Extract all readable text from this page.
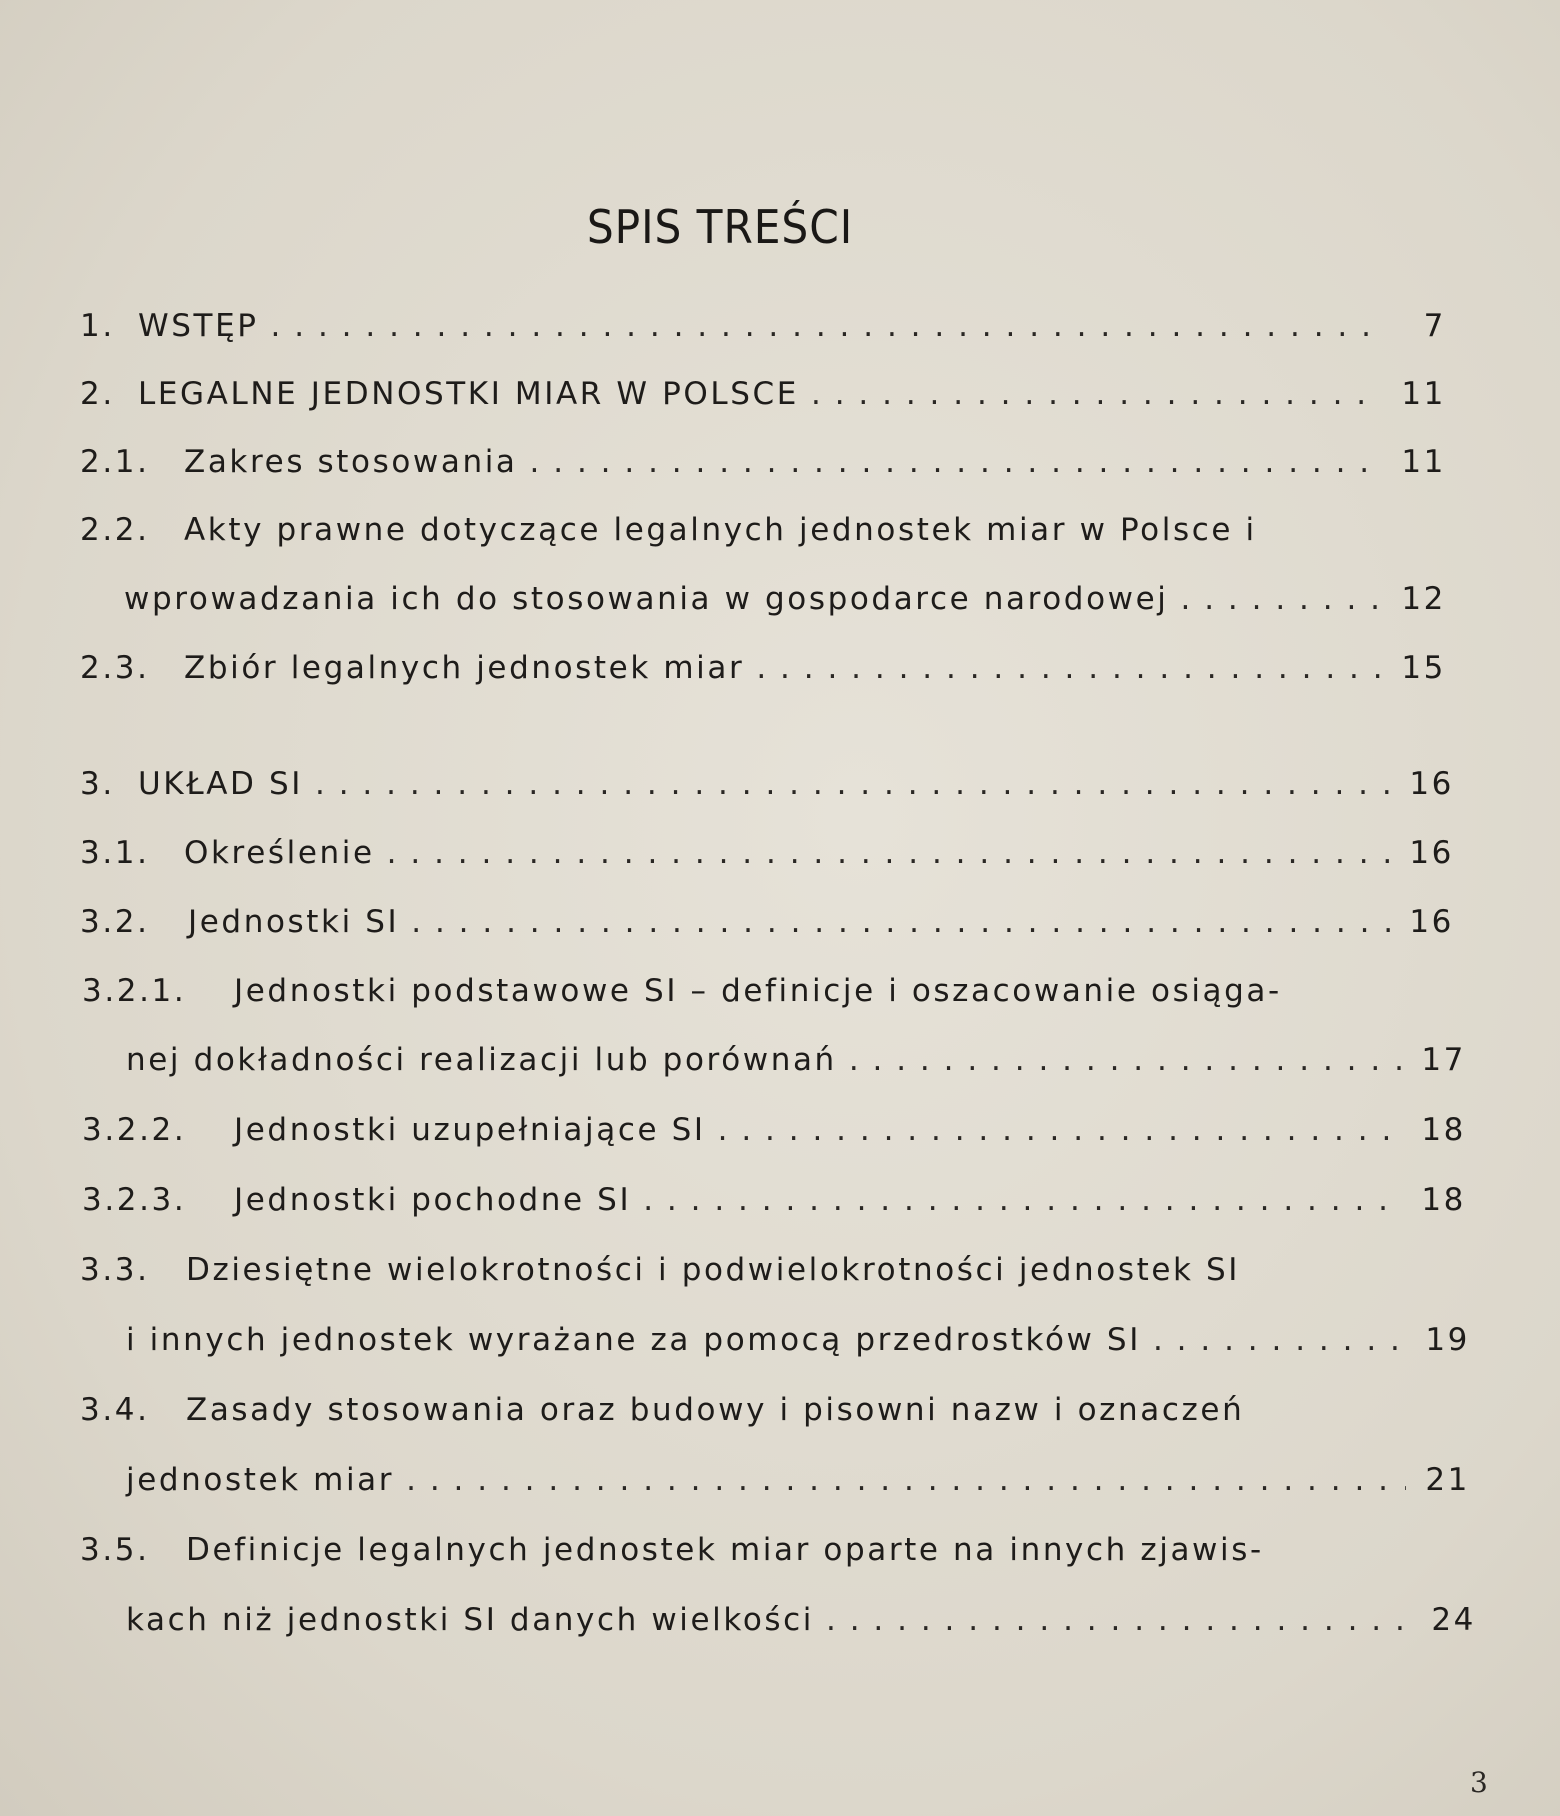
SPIS TREŚCI
1. WSTĘP . . .	7
2. LEGALNE JEDNOSTKI MIAR W POLSCE . . .	11
2.1.	Zakres stosowania . . .	11
2.2.	Akty prawne dotyczące legalnych jednostek miar w Polsce i
wprowadzania ich do stosowania w gospodarce narodowej . . .	12
2.3.	Zbiór legalnych jednostek miar . . .	15
3. UKŁAD SI . . .	16
3.1.	Określenie . . .	16
3.2.	Jednostki SI . . .	16
3.2.1.	Jednostki podstawowe SI – definicje i oszacowanie osiąga-
nej dokładności realizacji lub porównań . . .	17
3.2.2.	Jednostki uzupełniające SI . . .	18
3.2.3.	Jednostki pochodne SI . . .	18
3.3.	Dziesiętne wielokrotności i podwielokrotności jednostek SI
i innych jednostek wyrażane za pomocą przedrostków SI . . .	19
3.4.	Zasady stosowania oraz budowy i pisowni nazw i oznaczeń
jednostek miar . . .	21
3.5.	Definicje legalnych jednostek miar oparte na innych zjawis-
kach niż jednostki SI danych wielkości . . .	24
3
